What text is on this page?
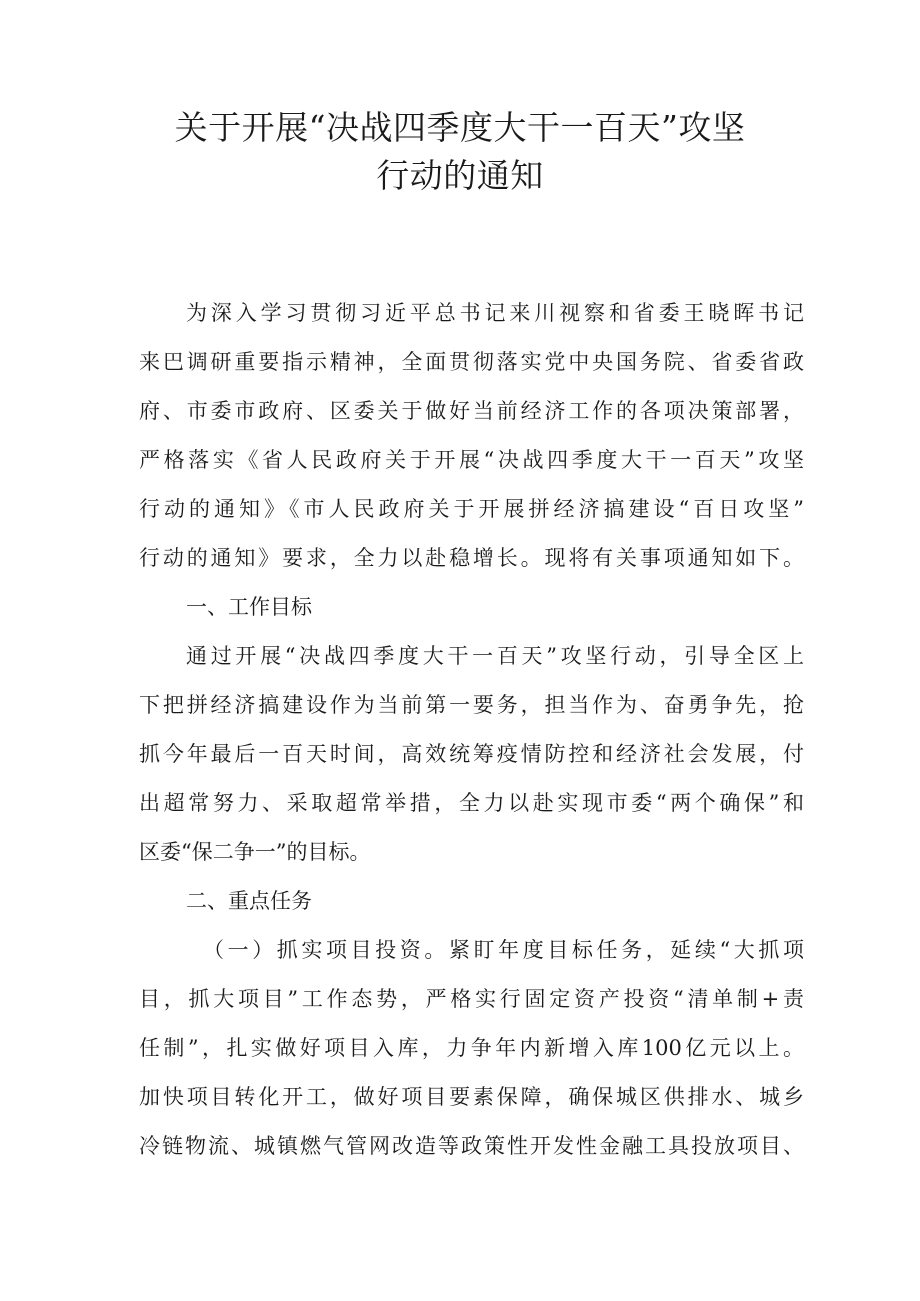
关于开展“决战四季度大干一百天”攻坚
行动的通知
为深入学习贯彻习近平总书记来川视察和省委王晓晖书记
来巴调研重要指示精神，全面贯彻落实党中央国务院、省委省政
府、市委市政府、区委关于做好当前经济工作的各项决策部署，
严格落实《省人民政府关于开展“决战四季度大干一百天”攻坚
行动的通知》《市人民政府关于开展拼经济搞建设“百日攻坚”
行动的通知》要求，全力以赴稳增长。现将有关事项通知如下。
一、工作目标
通过开展“决战四季度大干一百天”攻坚行动，引导全区上
下把拼经济搞建设作为当前第一要务，担当作为、奋勇争先，抢
抓今年最后一百天时间，高效统筹疫情防控和经济社会发展，付
出超常努力、采取超常举措，全力以赴实现市委“两个确保”和
区委“保二争一”的目标。
二、重点任务
（一）抓实项目投资。紧盯年度目标任务，延续“大抓项
目，抓大项目”工作态势，严格实行固定资产投资“清单制+责
任制”，扎实做好项目入库，力争年内新增入库100亿元以上。
加快项目转化开工，做好项目要素保障，确保城区供排水、城乡
冷链物流、城镇燃气管网改造等政策性开发性金融工具投放项目、
